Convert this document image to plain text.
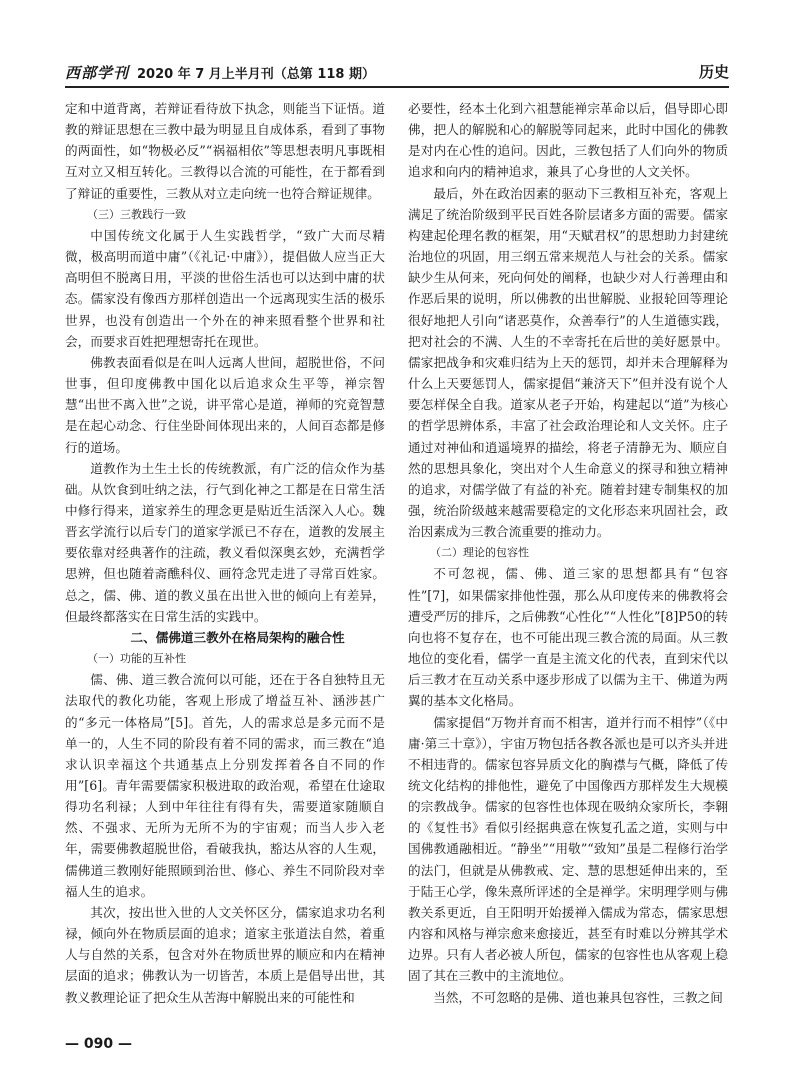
西部学刊 2020 年 7 月上半月刊（总第 118 期）	历史

定和中道背离，若辩证看待放下执念，则能当下证悟。道教的辩证思想在三教中最为明显且自成体系，看到了事物的两面性，如“物极必反”“祸福相依”等思想表明凡事既相互对立又相互转化。三教得以合流的可能性，在于都看到了辩证的重要性，三教从对立走向统一也符合辩证规律。

（三）三教践行一致

中国传统文化属于人生实践哲学，“致广大而尽精微，极高明而道中庸”（《礼记·中庸》），提倡做人应当正大高明但不脱离日用，平淡的世俗生活也可以达到中庸的状态。儒家没有像西方那样创造出一个远离现实生活的极乐世界，也没有创造出一个外在的神来照看整个世界和社会，而要求百姓把理想寄托在现世。

佛教表面看似是在叫人远离人世间，超脱世俗，不问世事，但印度佛教中国化以后追求众生平等，禅宗智慧“出世不离入世”之说，讲平常心是道，禅师的究竟智慧是在起心动念、行住坐卧间体现出来的，人间百态都是修行的道场。

道教作为土生土长的传统教派，有广泛的信众作为基础。从饮食到吐纳之法，行气到化神之工都是在日常生活中修行得来，道家养生的理念更是贴近生活深入人心。魏晋玄学流行以后专门的道家学派已不存在，道教的发展主要依靠对经典著作的注疏，教义看似深奥玄妙，充满哲学思辨，但也随着斋醮科仪、画符念咒走进了寻常百姓家。总之，儒、佛、道的教义虽在出世入世的倾向上有差异，但最终都落实在日常生活的实践中。

二、儒佛道三教外在格局架构的融合性

（一）功能的互补性

儒、佛、道三教合流何以可能，还在于各自独特且无法取代的教化功能，客观上形成了增益互补、涵涉甚广的“多元一体格局”[5]。首先，人的需求总是多元而不是单一的，人生不同的阶段有着不同的需求，而三教在“追求认识幸福这个共通基点上分别发挥着各自不同的作用”[6]。青年需要儒家积极进取的政治观，希望在仕途取得功名利禄；人到中年往往有得有失，需要道家随顺自然、不强求、无所为无所不为的宇宙观；而当人步入老年，需要佛教超脱世俗，看破我执，豁达从容的人生观，儒佛道三教刚好能照顾到治世、修心、养生不同阶段对幸福人生的追求。

其次，按出世入世的人文关怀区分，儒家追求功名利禄，倾向外在物质层面的追求；道家主张道法自然，着重人与自然的关系，包含对外在物质世界的顺应和内在精神层面的追求；佛教认为一切皆苦，本质上是倡导出世，其教义教理论证了把众生从苦海中解脱出来的可能性和

必要性，经本土化到六祖慧能禅宗革命以后，倡导即心即佛，把人的解脱和心的解脱等同起来，此时中国化的佛教是对内在心性的追问。因此，三教包括了人们向外的物质追求和向内的精神追求，兼具了心身世的人文关怀。

最后，外在政治因素的驱动下三教相互补充，客观上满足了统治阶级到平民百姓各阶层诸多方面的需要。儒家构建起伦理名教的框架，用“天赋君权”的思想助力封建统治地位的巩固，用三纲五常来规范人与社会的关系。儒家缺少生从何来，死向何处的阐释，也缺少对人行善理由和作恶后果的说明，所以佛教的出世解脱、业报轮回等理论很好地把人引向“诸恶莫作，众善奉行”的人生道德实践，把对社会的不满、人生的不幸寄托在后世的美好愿景中。儒家把战争和灾难归结为上天的惩罚，却并未合理解释为什么上天要惩罚人，儒家提倡“兼济天下”但并没有说个人要怎样保全自我。道家从老子开始，构建起以“道”为核心的哲学思辨体系，丰富了社会政治理论和人文关怀。庄子通过对神仙和逍遥境界的描绘，将老子清静无为、顺应自然的思想具象化，突出对个人生命意义的探寻和独立精神的追求，对儒学做了有益的补充。随着封建专制集权的加强，统治阶级越来越需要稳定的文化形态来巩固社会，政治因素成为三教合流重要的推动力。

（二）理论的包容性

不可忽视，儒、佛、道三家的思想都具有“包容性”[7]，如果儒家排他性强，那么从印度传来的佛教将会遭受严厉的排斥，之后佛教“心性化”“人性化”[8]P50的转向也将不复存在，也不可能出现三教合流的局面。从三教地位的变化看，儒学一直是主流文化的代表，直到宋代以后三教才在互动关系中逐步形成了以儒为主干、佛道为两翼的基本文化格局。

儒家提倡“万物并育而不相害，道并行而不相悖”（《中庸·第三十章》），宇宙万物包括各教各派也是可以齐头并进不相违背的。儒家包容异质文化的胸襟与气概，降低了传统文化结构的排他性，避免了中国像西方那样发生大规模的宗教战争。儒家的包容性也体现在吸纳众家所长，李翱的《复性书》看似引经据典意在恢复孔孟之道，实则与中国佛教通融相近。“静坐”“用敬”“致知”虽是二程修行治学的法门，但就是从佛教戒、定、慧的思想延伸出来的，至于陆王心学，像朱熹所评述的全是禅学。宋明理学则与佛教关系更近，自王阳明开始援禅入儒成为常态，儒家思想内容和风格与禅宗愈来愈接近，甚至有时难以分辨其学术边界。只有人者必被人所包，儒家的包容性也从客观上稳固了其在三教中的主流地位。

当然，不可忽略的是佛、道也兼具包容性，三教之间

— 090 —
